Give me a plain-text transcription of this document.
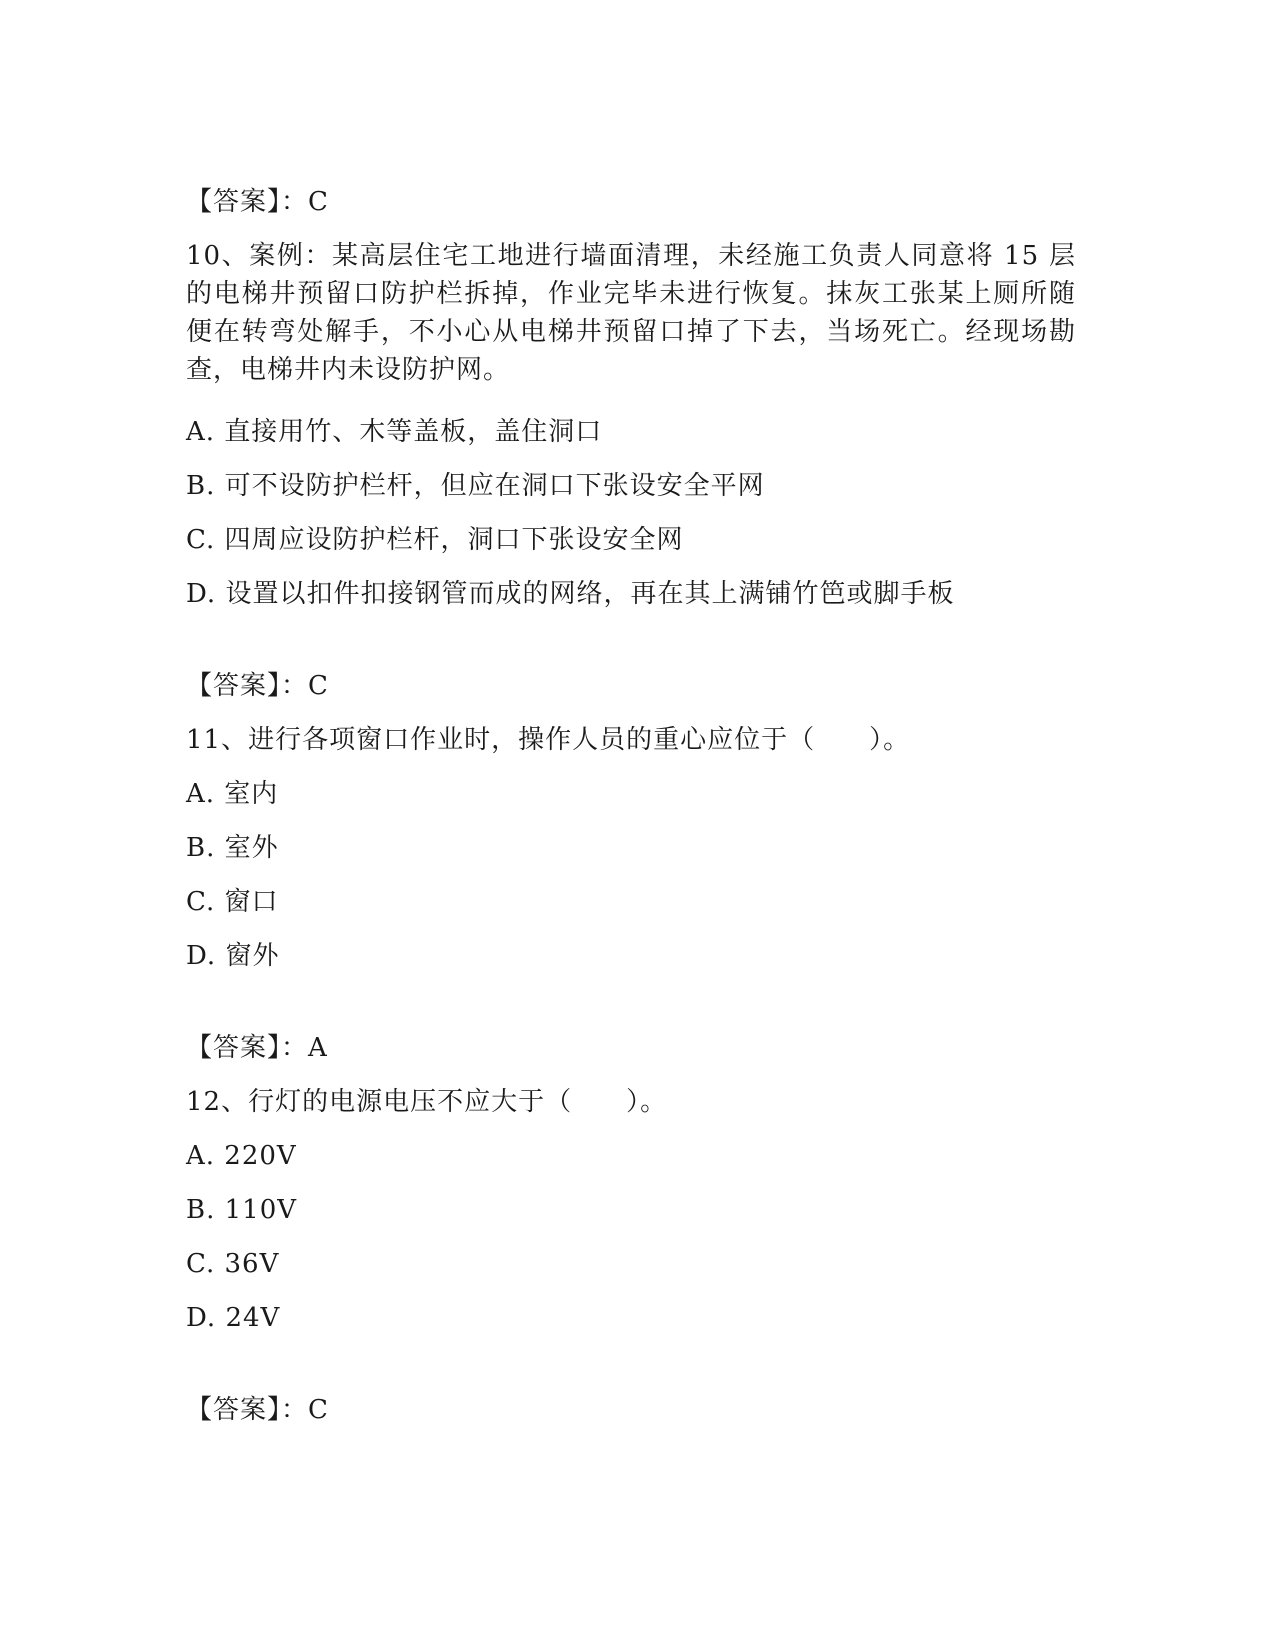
【答案】：C
10、案例：某高层住宅工地进行墙面清理，未经施工负责人同意将 15 层的电梯井预留口防护栏拆掉，作业完毕未进行恢复。抹灰工张某上厕所随便在转弯处解手，不小心从电梯井预留口掉了下去，当场死亡。经现场勘查，电梯井内未设防护网。
A. 直接用竹、木等盖板，盖住洞口
B. 可不设防护栏杆，但应在洞口下张设安全平网
C. 四周应设防护栏杆，洞口下张设安全网
D. 设置以扣件扣接钢管而成的网络，再在其上满铺竹笆或脚手板
【答案】：C
11、进行各项窗口作业时，操作人员的重心应位于（　　）。
A. 室内
B. 室外
C. 窗口
D. 窗外
【答案】：A
12、行灯的电源电压不应大于（　　）。
A. 220V
B. 110V
C. 36V
D. 24V
【答案】：C
